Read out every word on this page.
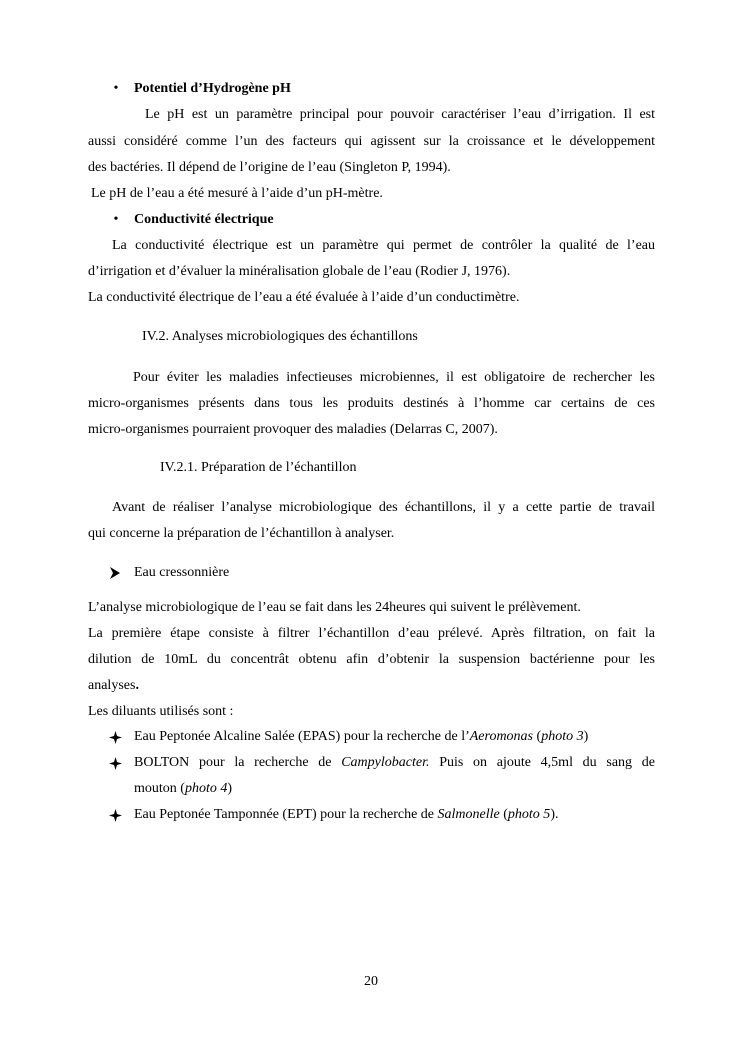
•
Potentiel d’Hydrogène pH
Le pH est un paramètre principal pour pouvoir caractériser l’eau d’irrigation. Il est
aussi considéré comme l’un des facteurs qui agissent sur la croissance et le développement
des bactéries. Il dépend de l’origine de l’eau (Singleton P, 1994).
Le pH de l’eau a été mesuré à l’aide d’un pH-mètre.
•
Conductivité électrique
La conductivité électrique est un paramètre qui permet de contrôler la qualité de l’eau
d’irrigation et d’évaluer la minéralisation globale de l’eau (Rodier J, 1976).
La conductivité électrique de l’eau a été évaluée à l’aide d’un conductimètre.
IV.2. Analyses microbiologiques des échantillons
Pour éviter les maladies infectieuses microbiennes, il est obligatoire de rechercher les
micro-organismes présents dans tous les produits destinés à l’homme car certains de ces
micro-organismes pourraient provoquer des maladies (Delarras C, 2007).
IV.2.1. Préparation de l’échantillon
Avant de réaliser l’analyse microbiologique des échantillons, il y a cette partie de travail
qui concerne la préparation de l’échantillon à analyser.
Eau cressonnière
L’analyse microbiologique de l’eau se fait dans les 24heures qui suivent le prélèvement.
La première étape consiste à filtrer l’échantillon d’eau prélevé. Après filtration, on fait la
dilution de 10mL du concentrât obtenu afin d’obtenir la suspension bactérienne pour les
analyses.
Les diluants utilisés sont :
Eau Peptonée Alcaline Salée (EPAS) pour la recherche de l’Aeromonas (photo 3)
BOLTON pour la recherche de Campylobacter. Puis on ajoute 4,5ml du sang de
mouton (photo 4)
Eau Peptonée Tamponnée (EPT) pour la recherche de Salmonelle (photo 5).
20
